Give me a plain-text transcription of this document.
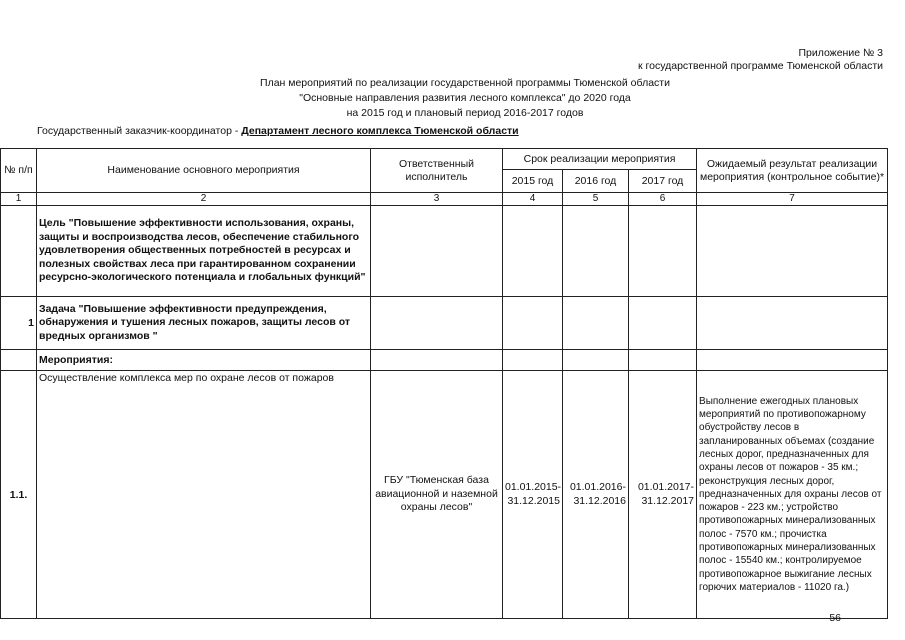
Приложение № 3
к государственной программе Тюменской области
План мероприятий по реализации государственной программы Тюменской области
"Основные направления развития лесного комплекса" до 2020 года
на 2015 год и плановый период 2016-2017 годов
Государственный заказчик-координатор - Департамент лесного комплекса Тюменской области
№ п/п	Наименование основного мероприятия	Ответственный исполнитель	Срок реализации мероприятия			Ожидаемый результат реализации мероприятия (контрольное событие)*
			2015 год	2016 год	2017 год	
1	2	3	4	5	6	7
	Цель "Повышение эффективности использования, охраны, защиты и воспроизводства лесов, обеспечение стабильного удовлетворения общественных потребностей в ресурсах и полезных свойствах леса при гарантированном сохранении ресурсно-экологического потенциала и глобальных функций"					
1	Задача "Повышение эффективности предупреждения, обнаружения и тушения лесных пожаров, защиты лесов от вредных организмов "					
	Мероприятия:					
1.1.	Осуществление комплекса мер по охране лесов от пожаров	ГБУ "Тюменская база авиационной и наземной охраны лесов"	01.01.2015-31.12.2015	01.01.2016-31.12.2016	01.01.2017-31.12.2017	Выполнение ежегодных плановых мероприятий по противопожарному обустройству лесов в запланированных объемах (создание лесных дорог, предназначенных для охраны лесов от пожаров - 35 км.; реконструкция лесных дорог, предназначенных для охраны лесов от пожаров - 223 км.; устройство противопожарных минерализованных полос - 7570 км.; прочистка противопожарных минерализованных полос - 15540 км.; контролируемое противопожарное выжигание лесных горючих материалов - 11020 га.)
56
